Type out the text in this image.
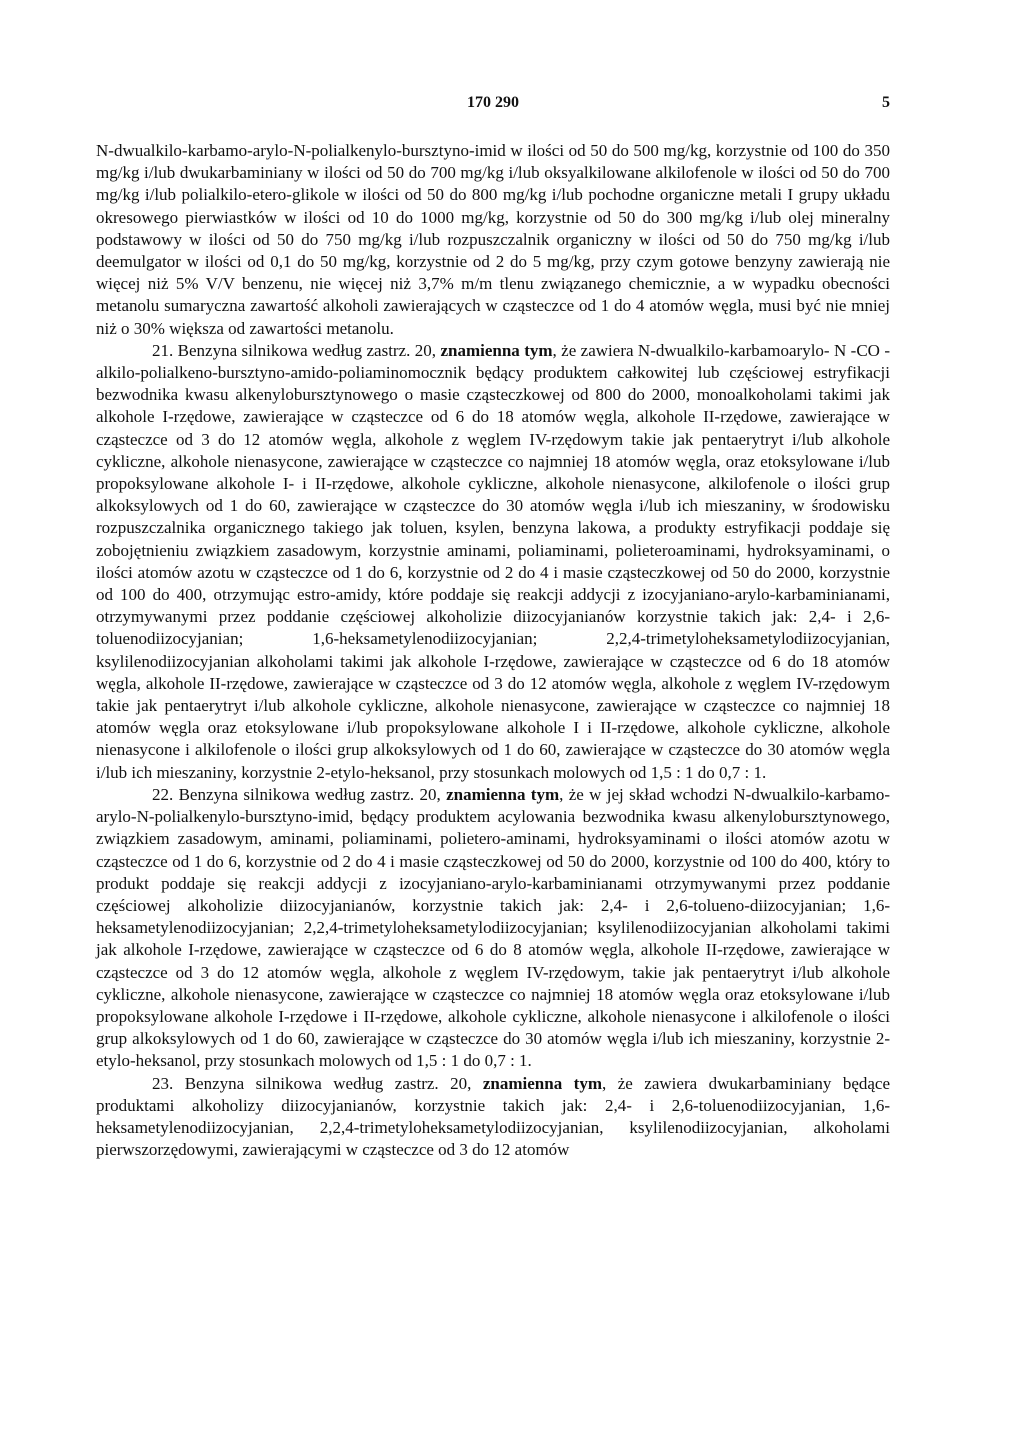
170 290	5

N-dwualkilo-karbamo-arylo-N-polialkenylo-bursztyno-imid w ilości od 50 do 500 mg/kg, korzystnie od 100 do 350 mg/kg i/lub dwukarbaminiany w ilości od 50 do 700 mg/kg i/lub oksyalkilowane alkilofenole w ilości od 50 do 700 mg/kg i/lub polialkilo-etero-glikole w ilości od 50 do 800 mg/kg i/lub pochodne organiczne metali I grupy układu okresowego pierwiastków w ilości od 10 do 1000 mg/kg, korzystnie od 50 do 300 mg/kg i/lub olej mineralny podstawowy w ilości od 50 do 750 mg/kg i/lub rozpuszczalnik organiczny w ilości od 50 do 750 mg/kg i/lub deemulgator w ilości od 0,1 do 50 mg/kg, korzystnie od 2 do 5 mg/kg, przy czym gotowe benzyny zawierają nie więcej niż 5% V/V benzenu, nie więcej niż 3,7% m/m tlenu związanego chemicznie, a w wypadku obecności metanolu sumaryczna zawartość alkoholi zawierających w cząsteczce od 1 do 4 atomów węgla, musi być nie mniej niż o 30% większa od zawartości metanolu.

21. Benzyna silnikowa według zastrz. 20, znamienna tym, że zawiera N-dwualkilo-karbamoarylo- N -CO - alkilo-polialkeno-bursztyno-amido-poliaminomocznik będący produktem całkowitej lub częściowej estryfikacji bezwodnika kwasu alkenylobursztynowego o masie cząsteczkowej od 800 do 2000, monoalkoholami takimi jak alkohole I-rzędowe, zawierające w cząsteczce od 6 do 18 atomów węgla, alkohole II-rzędowe, zawierające w cząsteczce od 3 do 12 atomów węgla, alkohole z węglem IV-rzędowym takie jak pentaerytryt i/lub alkohole cykliczne, alkohole nienasycone, zawierające w cząsteczce co najmniej 18 atomów węgla, oraz etoksylowane i/lub propoksylowane alkohole I- i II-rzędowe, alkohole cykliczne, alkohole nienasycone, alkilofenole o ilości grup alkoksylowych od 1 do 60, zawierające w cząsteczce do 30 atomów węgla i/lub ich mieszaniny, w środowisku rozpuszczalnika organicznego takiego jak toluen, ksylen, benzyna lakowa, a produkty estryfikacji poddaje się zobojętnieniu związkiem zasadowym, korzystnie aminami, poliaminami, polieteroaminami, hydroksyaminami, o ilości atomów azotu w cząsteczce od 1 do 6, korzystnie od 2 do 4 i masie cząsteczkowej od 50 do 2000, korzystnie od 100 do 400, otrzymując estro-amidy, które poddaje się reakcji addycji z izocyjaniano-arylo-karbaminianami, otrzymywanymi przez poddanie częściowej alkoholizie diizocyjanianów korzystnie takich jak: 2,4- i 2,6-toluenodiizocyjanian; 1,6-heksametylenodiizocyjanian; 2,2,4-trimetyloheksametylodiizocyjanian, ksylilenodiizocyjanian alkoholami takimi jak alkohole I-rzędowe, zawierające w cząsteczce od 6 do 18 atomów węgla, alkohole II-rzędowe, zawierające w cząsteczce od 3 do 12 atomów węgla, alkohole z węglem IV-rzędowym takie jak pentaerytryt i/lub alkohole cykliczne, alkohole nienasycone, zawierające w cząsteczce co najmniej 18 atomów węgla oraz etoksylowane i/lub propoksylowane alkohole I i II-rzędowe, alkohole cykliczne, alkohole nienasycone i alkilofenole o ilości grup alkoksylowych od 1 do 60, zawierające w cząsteczce do 30 atomów węgla i/lub ich mieszaniny, korzystnie 2-etylo-heksanol, przy stosunkach molowych od 1,5 : 1 do 0,7 : 1.

22. Benzyna silnikowa według zastrz. 20, znamienna tym, że w jej skład wchodzi N-dwualkilo-karbamo-arylo-N-polialkenylo-bursztyno-imid, będący produktem acylowania bezwodnika kwasu alkenylobursztynowego, związkiem zasadowym, aminami, poliaminami, polietero-aminami, hydroksyaminami o ilości atomów azotu w cząsteczce od 1 do 6, korzystnie od 2 do 4 i masie cząsteczkowej od 50 do 2000, korzystnie od 100 do 400, który to produkt poddaje się reakcji addycji z izocyjaniano-arylo-karbaminianami otrzymywanymi przez poddanie częściowej alkoholizie diizocyjanianów, korzystnie takich jak: 2,4- i 2,6-tolueno-diizocyjanian; 1,6-heksametylenodiizocyjanian; 2,2,4-trimetyloheksametylodiizocyjanian; ksylilenodiizocyjanian alkoholami takimi jak alkohole I-rzędowe, zawierające w cząsteczce od 6 do 8 atomów węgla, alkohole II-rzędowe, zawierające w cząsteczce od 3 do 12 atomów węgla, alkohole z węglem IV-rzędowym, takie jak pentaerytryt i/lub alkohole cykliczne, alkohole nienasycone, zawierające w cząsteczce co najmniej 18 atomów węgla oraz etoksylowane i/lub propoksylowane alkohole I-rzędowe i II-rzędowe, alkohole cykliczne, alkohole nienasycone i alkilofenole o ilości grup alkoksylowych od 1 do 60, zawierające w cząsteczce do 30 atomów węgla i/lub ich mieszaniny, korzystnie 2-etylo-heksanol, przy stosunkach molowych od 1,5 : 1 do 0,7 : 1.

23. Benzyna silnikowa według zastrz. 20, znamienna tym, że zawiera dwukarbaminiany będące produktami alkoholizy diizocyjanianów, korzystnie takich jak: 2,4- i 2,6-toluenodiizocyjanian, 1,6-heksametylenodiizocyjanian, 2,2,4-trimetyloheksametylodiizocyjanian, ksylilenodiizocyjanian, alkoholami pierwszorzędowymi, zawierającymi w cząsteczce od 3 do 12 atomów
